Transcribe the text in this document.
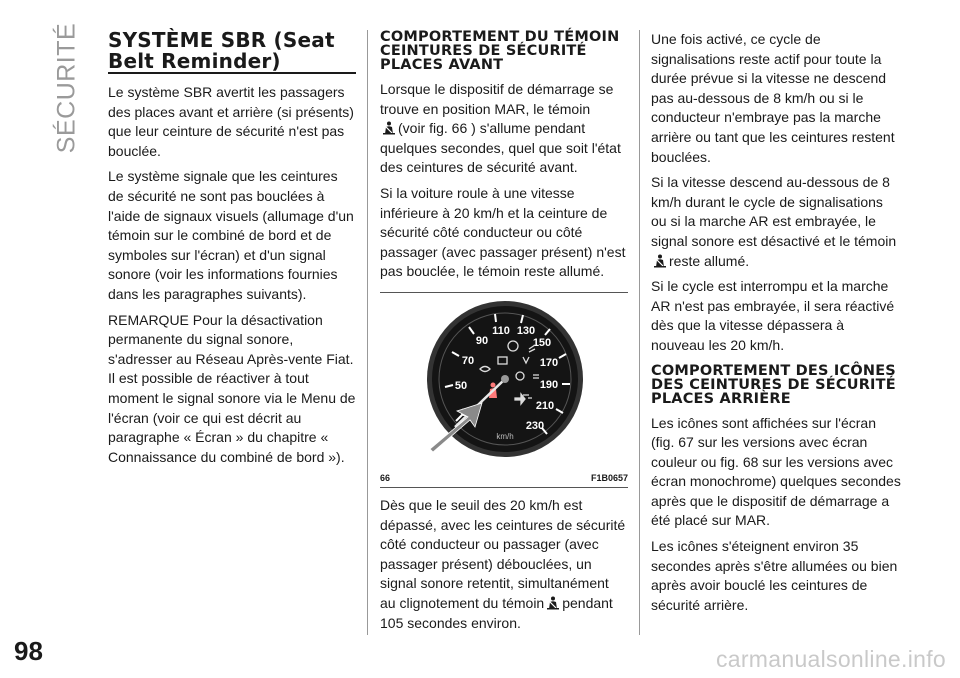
SÉCURITÉ SYSTÈME SBR (Seat
Belt Reminder)

Le système SBR avertit les passagers des places avant et arrière (si présents) que leur ceinture de sécurité n'est pas bouclée.

Le système signale que les ceintures de sécurité ne sont pas bouclées à l'aide de signaux visuels (allumage d'un témoin sur le combiné de bord et de symboles sur l'écran) et d'un signal sonore (voir les informations fournies dans les paragraphes suivants).

REMARQUE Pour la désactivation permanente du signal sonore, s'adresser au Réseau Après-vente Fiat. Il est possible de réactiver à tout moment le signal sonore via le Menu de l'écran (voir ce qui est décrit au paragraphe « Écran » du chapitre « Connaissance du combiné de bord »).

COMPORTEMENT DU TÉMOIN CEINTURES DE SÉCURITÉ PLACES AVANT

Lorsque le dispositif de démarrage se trouve en position MAR, le témoin
(voir fig. 66 ) s'allume pendant quelques secondes, quel que soit l'état des ceintures de sécurité avant.

Si la voiture roule à une vitesse inférieure à 20 km/h et la ceinture de sécurité côté conducteur ou côté passager (avec passager présent) n'est pas bouclée, le témoin reste allumé.

50
70
90
110 130
150
170
190
210
230
km/h
66	F1B0657

Dès que le seuil des 20 km/h est dépassé, avec les ceintures de sécurité côté conducteur ou passager (avec passager présent) débouclées, un signal sonore retentit, simultanément au clignotement du témoin pendant 105 secondes environ.

Une fois activé, ce cycle de signalisations reste actif pour toute la durée prévue si la vitesse ne descend pas au-dessous de 8 km/h ou si le conducteur n'embraye pas la marche arrière ou tant que les ceintures restent bouclées.

Si la vitesse descend au-dessous de 8 km/h durant le cycle de signalisations ou si la marche AR est embrayée, le signal sonore est désactivé et le témoin
reste allumé.

Si le cycle est interrompu et la marche AR n'est pas embrayée, il sera réactivé dès que la vitesse dépassera à nouveau les 20 km/h.

COMPORTEMENT DES ICÔNES DES CEINTURES DE SÉCURITÉ PLACES ARRIÈRE

Les icônes sont affichées sur l'écran (fig. 67 sur les versions avec écran couleur ou fig. 68 sur les versions avec écran monochrome) quelques secondes après que le dispositif de démarrage a été placé sur MAR.

Les icônes s'éteignent environ 35 secondes après s'être allumées ou bien après avoir bouclé les ceintures de sécurité arrière.

98	carmanualsonline.info
